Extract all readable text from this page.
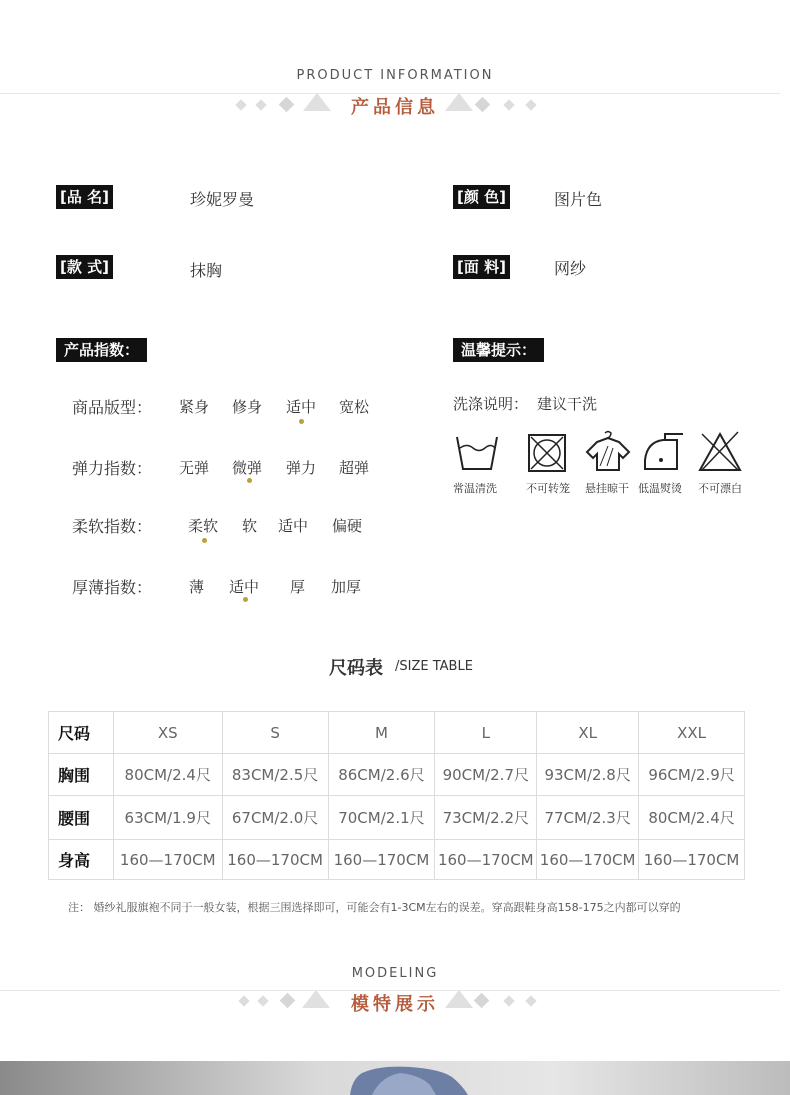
PRODUCT INFORMATION
产品信息
[品 名]	珍妮罗曼	[颜 色]	图片色
[款 式]	抹胸	[面 料]	网纱
产品指数：
商品版型： 紧身 修身 适中 宽松
弹力指数： 无弹 微弹 弹力 超弹
柔软指数： 柔软 软 适中 偏硬
厚薄指数： 薄 适中 厚 加厚
温馨提示：
洗涤说明： 建议干洗
常温清洗	不可转笼 悬挂晾干 低温熨烫 不可漂白
尺码表 /SIZE TABLE
尺码	XS	S	M	L	XL	XXL
胸围	80CM/2.4尺	83CM/2.5尺	86CM/2.6尺	90CM/2.7尺	93CM/2.8尺	96CM/2.9尺
腰围	63CM/1.9尺	67CM/2.0尺	70CM/2.1尺	73CM/2.2尺	77CM/2.3尺	80CM/2.4尺
身高	160—170CM	160—170CM	160—170CM	160—170CM	160—170CM	160—170CM
注： 婚纱礼服旗袍不同于一般女装，根据三围选择即可，可能会有1-3CM左右的误差。穿高跟鞋身高158-175之内都可以穿的
MODELING
模特展示
